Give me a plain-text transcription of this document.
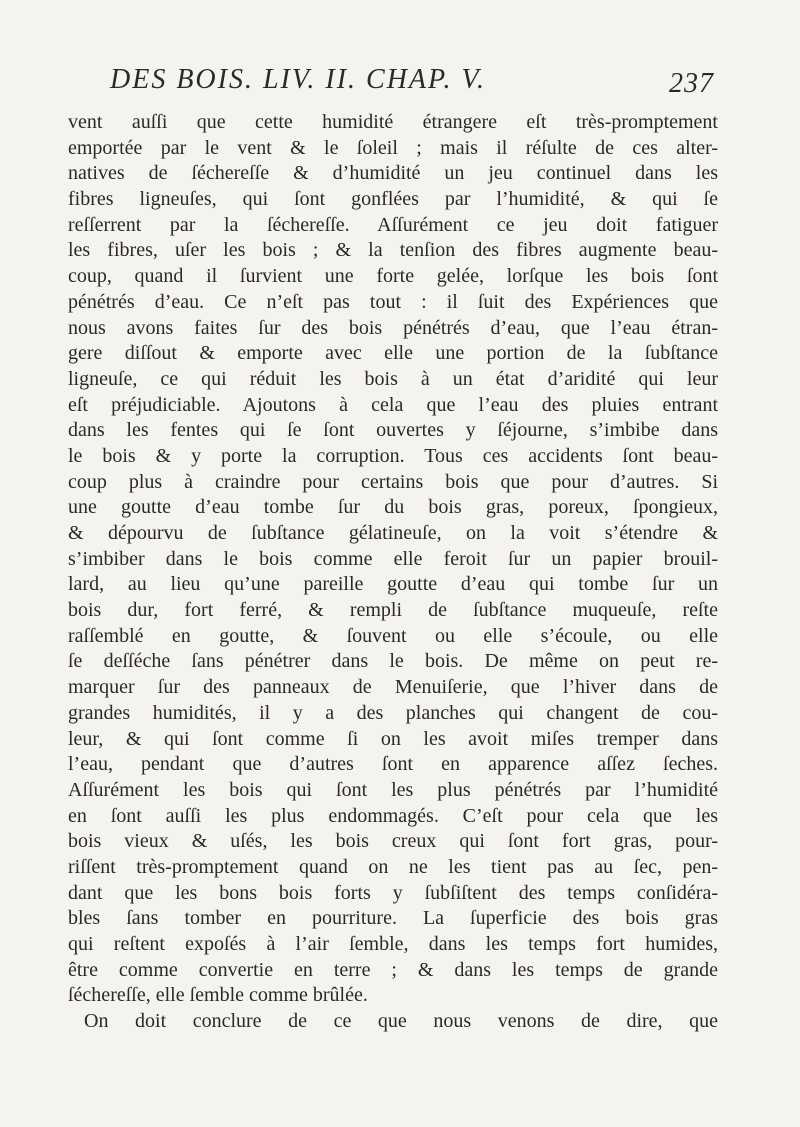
DES BOIS. LIV. II. CHAP. V.	237
vent auſſi que cette humidité étrangere eſt très-promptement
emportée par le vent & le ſoleil ; mais il réſulte de ces alter-
natives de ſéchereſſe & d’humidité un jeu continuel dans les
fibres ligneuſes, qui ſont gonflées par l’humidité, & qui ſe
reſſerrent par la ſéchereſſe. Aſſurément ce jeu doit fatiguer
les fibres, uſer les bois ; & la tenſion des fibres augmente beau-
coup, quand il ſurvient une forte gelée, lorſque les bois ſont
pénétrés d’eau. Ce n’eſt pas tout : il ſuit des Expériences que
nous avons faites ſur des bois pénétrés d’eau, que l’eau étran-
gere diſſout & emporte avec elle une portion de la ſubſtance
ligneuſe, ce qui réduit les bois à un état d’aridité qui leur
eſt préjudiciable. Ajoutons à cela que l’eau des pluies entrant
dans les fentes qui ſe ſont ouvertes y ſéjourne, s’imbibe dans
le bois & y porte la corruption. Tous ces accidents ſont beau-
coup plus à craindre pour certains bois que pour d’autres. Si
une goutte d’eau tombe ſur du bois gras, poreux, ſpongieux,
& dépourvu de ſubſtance gélatineuſe, on la voit s’étendre &
s’imbiber dans le bois comme elle feroit ſur un papier brouil-
lard, au lieu qu’une pareille goutte d’eau qui tombe ſur un
bois dur, fort ferré, & rempli de ſubſtance muqueuſe, reſte
raſſemblé en goutte, & ſouvent ou elle s’écoule, ou elle
ſe deſſéche ſans pénétrer dans le bois. De même on peut re-
marquer ſur des panneaux de Menuiſerie, que l’hiver dans de
grandes humidités, il y a des planches qui changent de cou-
leur, & qui ſont comme ſi on les avoit miſes tremper dans
l’eau, pendant que d’autres ſont en apparence aſſez ſeches.
Aſſurément les bois qui ſont les plus pénétrés par l’humidité
en ſont auſſi les plus endommagés. C’eſt pour cela que les
bois vieux & uſés, les bois creux qui ſont fort gras, pour-
riſſent très-promptement quand on ne les tient pas au ſec, pen-
dant que les bons bois forts y ſubſiſtent des temps conſidéra-
bles ſans tomber en pourriture. La ſuperficie des bois gras
qui reſtent expoſés à l’air ſemble, dans les temps fort humides,
être comme convertie en terre ; & dans les temps de grande
ſéchereſſe, elle ſemble comme brûlée.
On doit conclure de ce que nous venons de dire, que
